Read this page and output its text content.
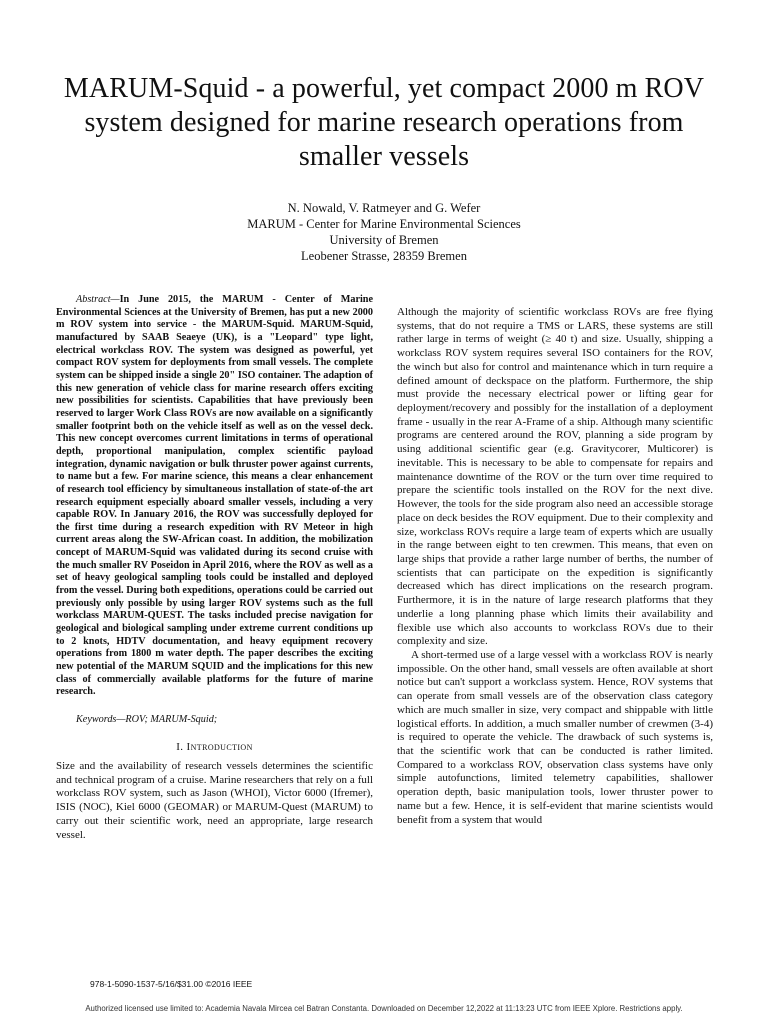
MARUM-Squid - a powerful, yet compact 2000 m ROV system designed for marine research operations from smaller vessels
N. Nowald, V. Ratmeyer and G. Wefer
MARUM - Center for Marine Environmental Sciences
University of Bremen
Leobener Strasse, 28359 Bremen

Abstract—In June 2015, the MARUM - Center of Marine Environmental Sciences at the University of Bremen, has put a new 2000 m ROV system into service - the MARUM-Squid. MARUM-Squid, manufactured by SAAB Seaeye (UK), is a "Leopard" type light, electrical workclass ROV. The system was designed as powerful, yet compact ROV system for deployments from small vessels. The complete system can be shipped inside a single 20" ISO container. The adaption of this new generation of vehicle class for marine research offers exciting new possibilities for scientists. Capabilities that have previously been reserved to larger Work Class ROVs are now available on a significantly smaller footprint both on the vehicle itself as well as on the vessel deck. This new concept overcomes current limitations in terms of operational depth, proportional manipulation, complex scientific payload integration, dynamic navigation or bulk thruster power against currents, to name but a few. For marine science, this means a clear enhancement of research tool efficiency by simultaneous installation of state-of-the art research equipment especially aboard smaller vessels, including a very capable ROV. In January 2016, the ROV was successfully deployed for the first time during a research expedition with RV Meteor in high current areas along the SW-African coast. In addition, the mobilization concept of MARUM-Squid was validated during its second cruise with the much smaller RV Poseidon in April 2016, where the ROV as well as a set of heavy geological sampling tools could be installed and deployed from the vessel. During both expeditions, operations could be carried out previously only possible by using larger ROV systems such as the full workclass MARUM-QUEST. The tasks included precise navigation for geological and biological sampling under extreme current conditions up to 2 knots, HDTV documentation, and heavy equipment recovery operations from 1800 m water depth. The paper describes the exciting new potential of the MARUM SQUID and the implications for this new class of commercially available platforms for the future of marine research.

Keywords—ROV; MARUM-Squid;

I. Introduction

Size and the availability of research vessels determines the scientific and technical program of a cruise. Marine researchers that rely on a full workclass ROV system, such as Jason (WHOI), Victor 6000 (Ifremer), ISIS (NOC), Kiel 6000 (GEOMAR) or MARUM-Quest (MARUM) to carry out their scientific work, need an appropriate, large research vessel.

Although the majority of scientific workclass ROVs are free flying systems, that do not require a TMS or LARS, these systems are still rather large in terms of weight (≥ 40 t) and size. Usually, shipping a workclass ROV system requires several ISO containers for the ROV, the winch but also for control and maintenance which in turn require a defined amount of deckspace on the platform. Furthermore, the ship must provide the necessary electrical power or lifting gear for deployment/recovery and possibly for the installation of a deployment frame - usually in the rear A-Frame of a ship. Although many scientific programs are centered around the ROV, planning a side program by using additional scientific gear (e.g. Gravitycorer, Multicorer) is inevitable. This is necessary to be able to compensate for repairs and maintenance downtime of the ROV or the turn over time required to prepare the scientific tools installed on the ROV for the next dive. However, the tools for the side program also need an accessible storage place on deck besides the ROV equipment. Due to their complexity and size, workclass ROVs require a large team of experts which are usually in the range between eight to ten crewmen. This means, that even on large ships that provide a rather large number of berths, the number of scientists that can participate on the expedition is significantly decreased which has direct implications on the research program. Furthermore, it is in the nature of large research platforms that they underlie a long planning phase which limits their availability and flexible use which also accounts to workclass ROVs due to their complexity and size.

A short-termed use of a large vessel with a workclass ROV is nearly impossible. On the other hand, small vessels are often available at short notice but can't support a workclass system. Hence, ROV systems that can operate from small vessels are of the observation class category which are much smaller in size, very compact and shippable with little logistical efforts. In addition, a much smaller number of crewmen (3-4) is required to operate the vehicle. The drawback of such systems is, that the scientific work that can be conducted is rather limited. Compared to a workclass ROV, observation class systems have only simple autofunctions, limited telemetry capabilities, shallower operation depth, basic manipulation tools, lower thruster power to name but a few. Hence, it is self-evident that marine scientists would benefit from a system that would

978-1-5090-1537-5/16/$31.00 ©2016 IEEE
Authorized licensed use limited to: Academia Navala Mircea cel Batran Constanta. Downloaded on December 12,2022 at 11:13:23 UTC from IEEE Xplore. Restrictions apply.
